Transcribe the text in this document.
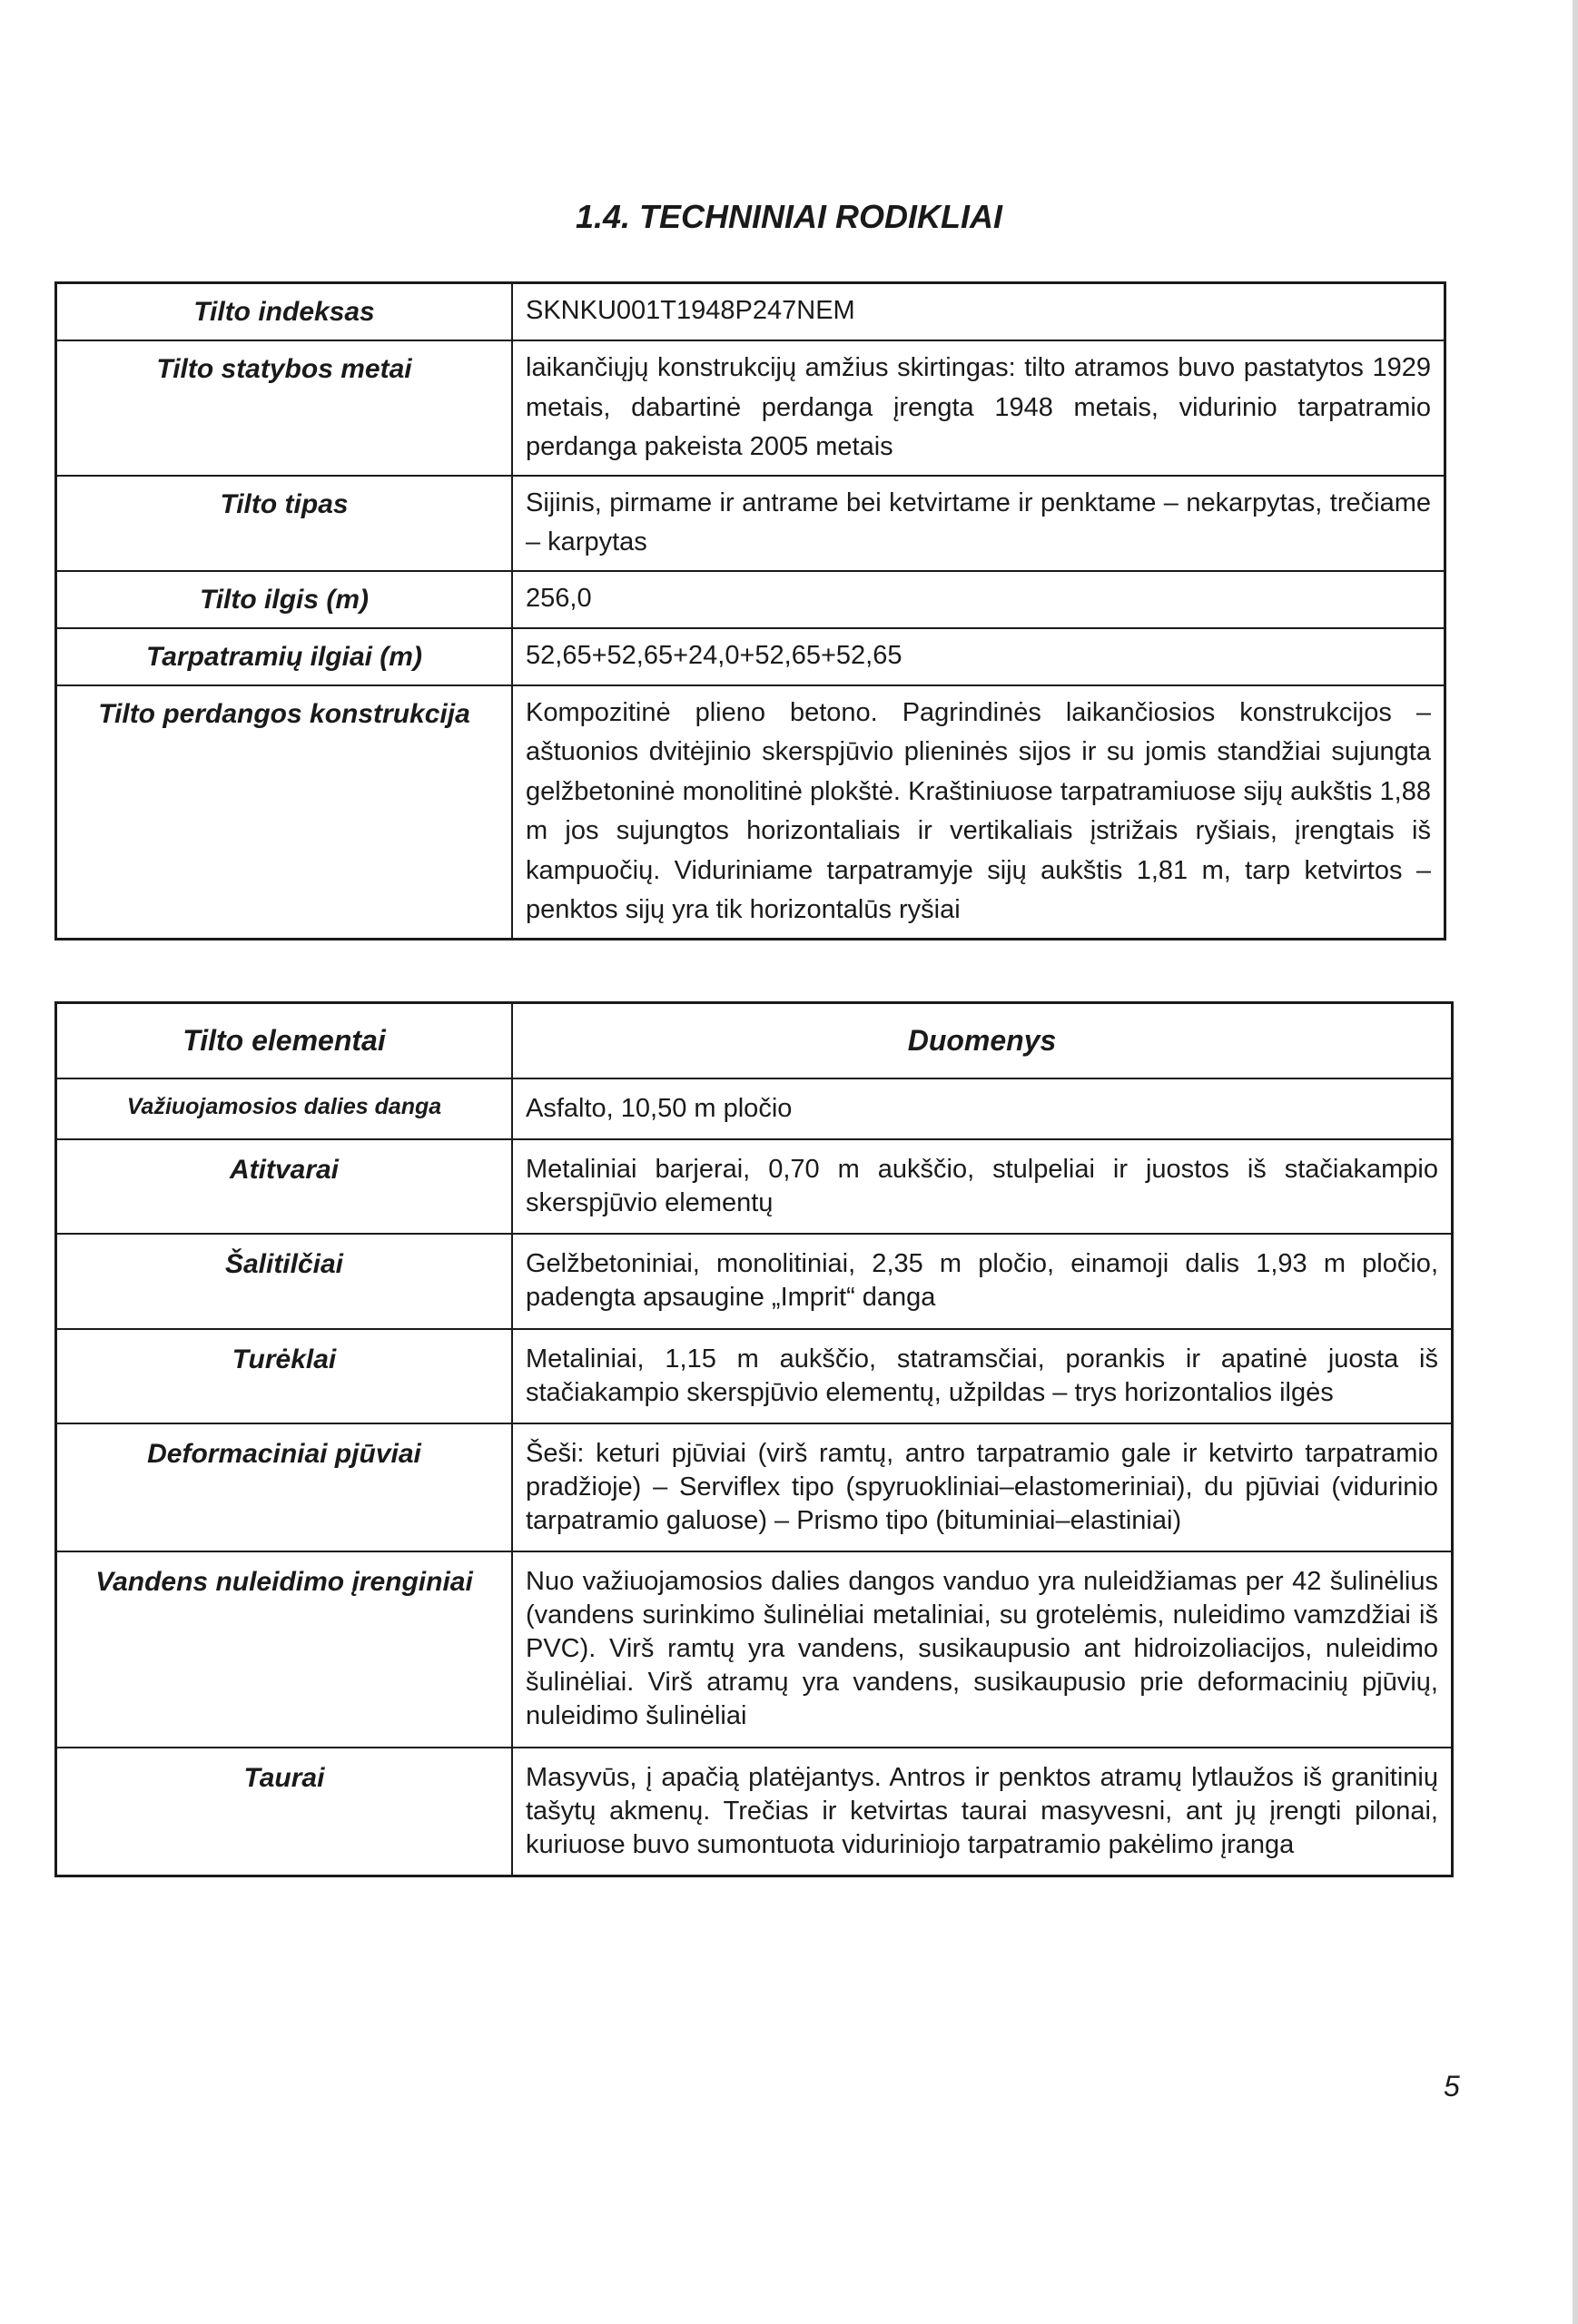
1.4. TECHNINIAI RODIKLIAI
Tilto indeksas	SKNKU001T1948P247NEM
Tilto statybos metai	laikančiųjų konstrukcijų amžius skirtingas: tilto atramos buvo pastatytos 1929 metais, dabartinė perdanga įrengta 1948 metais, vidurinio tarpatramio perdanga pakeista 2005 metais
Tilto tipas	Sijinis, pirmame ir antrame bei ketvirtame ir penktame – nekarpytas, trečiame – karpytas
Tilto ilgis (m)	256,0
Tarpatramių ilgiai (m)	52,65+52,65+24,0+52,65+52,65
Tilto perdangos konstrukcija	Kompozitinė plieno betono. Pagrindinės laikančiosios konstrukcijos – aštuonios dvitėjinio skerspjūvio plieninės sijos ir su jomis standžiai sujungta gelžbetoninė monolitinė plokštė. Kraštiniuose tarpatramiuose sijų aukštis 1,88 m jos sujungtos horizontaliais ir vertikaliais įstrižais ryšiais, įrengtais iš kampuočių. Viduriniame tarpatramyje sijų aukštis 1,81 m, tarp ketvirtos – penktos sijų yra tik horizontalūs ryšiai
Tilto elementai	Duomenys
Važiuojamosios dalies danga	Asfalto, 10,50 m pločio
Atitvarai	Metaliniai barjerai, 0,70 m aukščio, stulpeliai ir juostos iš stačiakampio skerspjūvio elementų
Šalitilčiai	Gelžbetoniniai, monolitiniai, 2,35 m pločio, einamoji dalis 1,93 m pločio, padengta apsaugine „Imprit“ danga
Turėklai	Metaliniai, 1,15 m aukščio, statramsčiai, porankis ir apatinė juosta iš stačiakampio skerspjūvio elementų, užpildas – trys horizontalios ilgės
Deformaciniai pjūviai	Šeši: keturi pjūviai (virš ramtų, antro tarpatramio gale ir ketvirto tarpatramio pradžioje) – Serviflex tipo (spyruokliniai–elastomeriniai), du pjūviai (vidurinio tarpatramio galuose) – Prismo tipo (bituminiai–elastiniai)
Vandens nuleidimo įrenginiai	Nuo važiuojamosios dalies dangos vanduo yra nuleidžiamas per 42 šulinėlius (vandens surinkimo šulinėliai metaliniai, su grotelėmis, nuleidimo vamzdžiai iš PVC). Virš ramtų yra vandens, susikaupusio ant hidroizoliacijos, nuleidimo šulinėliai. Virš atramų yra vandens, susikaupusio prie deformacinių pjūvių, nuleidimo šulinėliai
Taurai	Masyvūs, į apačią platėjantys. Antros ir penktos atramų lytlaužos iš granitinių tašytų akmenų. Trečias ir ketvirtas taurai masyvesni, ant jų įrengti pilonai, kuriuose buvo sumontuota viduriniojo tarpatramio pakėlimo įranga
5
